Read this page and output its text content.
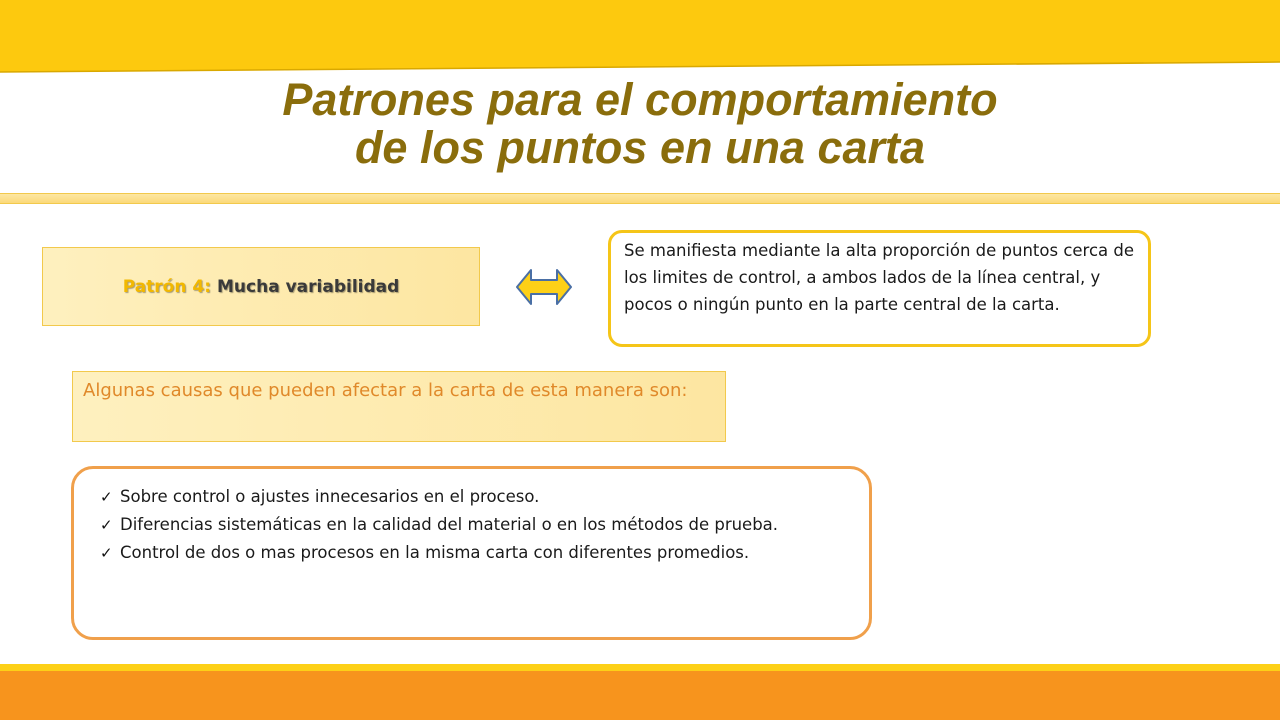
Patrones para el comportamiento
de los puntos en una carta
Patrón 4: Mucha variabilidad
Se manifiesta mediante la alta proporción de puntos cerca de los limites de control, a ambos lados de la línea central, y pocos o ningún punto en la parte central de la carta.
Algunas causas que pueden afectar a la carta de esta manera son:
✓ Sobre control o ajustes innecesarios en el proceso.
✓ Diferencias sistemáticas en la calidad del material o en los métodos de prueba.
✓ Control de dos o mas procesos en la misma carta con diferentes promedios.
